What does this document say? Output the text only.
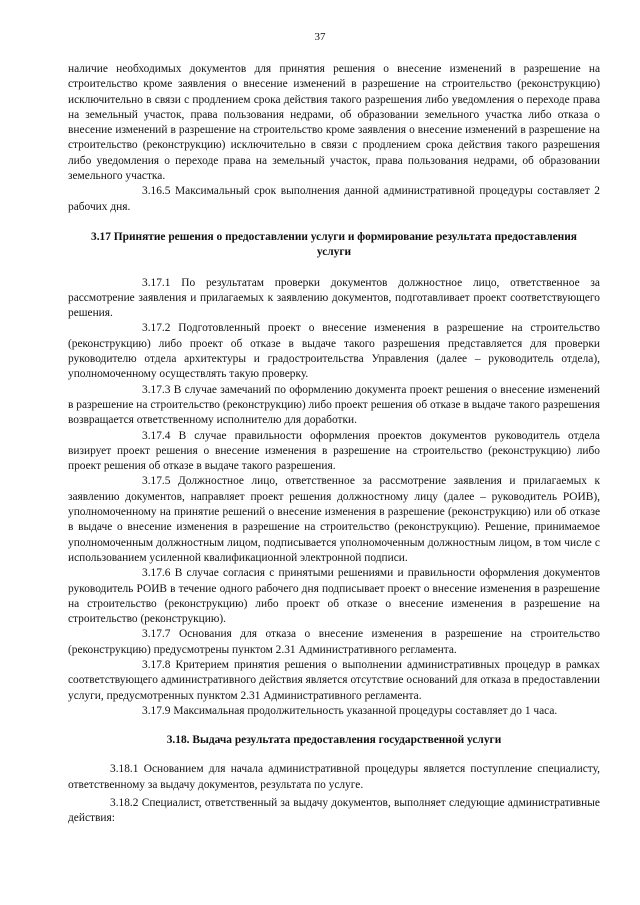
37

наличие необходимых документов для принятия решения о внесение изменений в разрешение на строительство кроме заявления о внесение изменений в разрешение на строительство (реконструкцию) исключительно в связи с продлением срока действия такого разрешения либо уведомления о переходе права на земельный участок, права пользования недрами, об образовании земельного участка либо отказа о внесение изменений в разрешение на строительство кроме заявления о внесение изменений в разрешение на строительство (реконструкцию) исключительно в связи с продлением срока действия такого разрешения либо уведомления о переходе права на земельный участок, права пользования недрами, об образовании земельного участка.

3.16.5 Максимальный срок выполнения данной административной процедуры составляет 2 рабочих дня.

3.17 Принятие решения о предоставлении услуги и формирование результата предоставления услуги

3.17.1 По результатам проверки документов должностное лицо, ответственное за рассмотрение заявления и прилагаемых к заявлению документов, подготавливает проект соответствующего решения.

3.17.2 Подготовленный проект о внесение изменения в разрешение на строительство (реконструкцию) либо проект об отказе в выдаче такого разрешения представляется для проверки руководителю отдела архитектуры и градостроительства Управления (далее – руководитель отдела), уполномоченному осуществлять такую проверку.

3.17.3 В случае замечаний по оформлению документа проект решения о внесение изменений в разрешение на строительство (реконструкцию) либо проект решения об отказе в выдаче такого разрешения возвращается ответственному исполнителю для доработки.

3.17.4 В случае правильности оформления проектов документов руководитель отдела визирует проект решения о внесение изменения в разрешение на строительство (реконструкцию) либо проект решения об отказе в выдаче такого разрешения.

3.17.5 Должностное лицо, ответственное за рассмотрение заявления и прилагаемых к заявлению документов, направляет проект решения должностному лицу (далее – руководитель РОИВ), уполномоченному на принятие решений о внесение изменения в разрешение (реконструкцию) или об отказе в выдаче о внесение изменения в разрешение на строительство (реконструкцию). Решение, принимаемое уполномоченным должностным лицом, подписывается уполномоченным должностным лицом, в том числе с использованием усиленной квалификационной электронной подписи.

3.17.6 В случае согласия с принятыми решениями и правильности оформления документов руководитель РОИВ в течение одного рабочего дня подписывает проект о внесение изменения в разрешение на строительство (реконструкцию) либо проект об отказе о внесение изменения в разрешение на строительство (реконструкцию).

3.17.7 Основания для отказа о внесение изменения в разрешение на строительство (реконструкцию) предусмотрены пунктом 2.31 Административного регламента.

3.17.8 Критерием принятия решения о выполнении административных процедур в рамках соответствующего административного действия является отсутствие оснований для отказа в предоставлении услуги, предусмотренных пунктом 2.31 Административного регламента.

3.17.9 Максимальная продолжительность указанной процедуры составляет до 1 часа.

3.18. Выдача результата предоставления государственной услуги

3.18.1 Основанием для начала административной процедуры является поступление специалисту, ответственному за выдачу документов, результата по услуге.

3.18.2 Специалист, ответственный за выдачу документов, выполняет следующие административные действия:
